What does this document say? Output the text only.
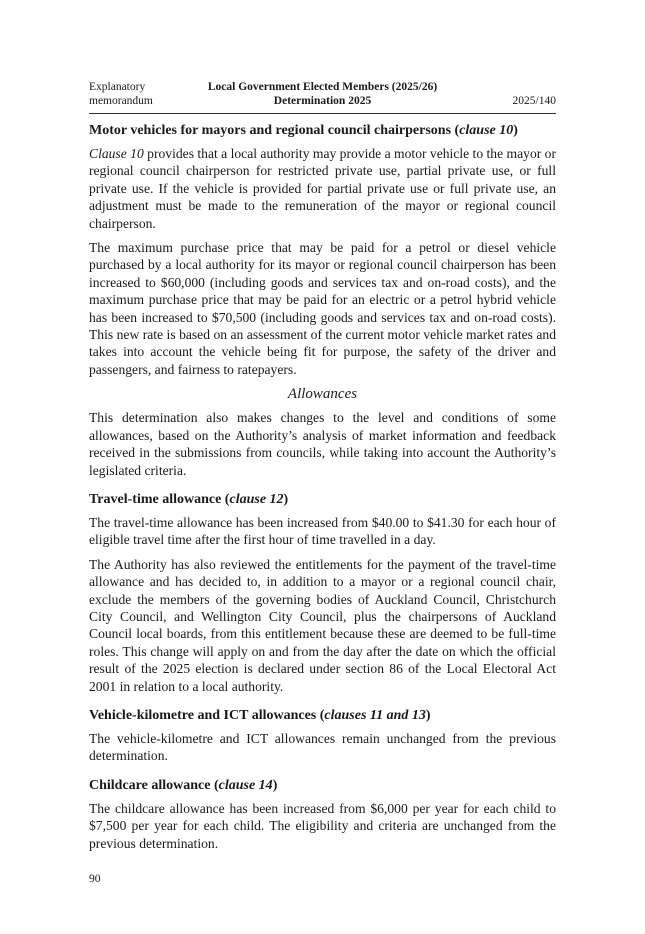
Explanatory
memorandum
Local Government Elected Members (2025/26)
Determination 2025	2025/140
Motor vehicles for mayors and regional council chairpersons (clause 10)

Clause 10 provides that a local authority may provide a motor vehicle to the mayor or regional council chairperson for restricted private use, partial private use, or full private use. If the vehicle is provided for partial private use or full private use, an adjustment must be made to the remuneration of the mayor or regional council chairperson.

The maximum purchase price that may be paid for a petrol or diesel vehicle purchased by a local authority for its mayor or regional council chairperson has been increased to $60,000 (including goods and services tax and on-road costs), and the maximum purchase price that may be paid for an electric or a petrol hybrid vehicle has been increased to $70,500 (including goods and services tax and on-road costs). This new rate is based on an assessment of the current motor vehicle market rates and takes into account the vehicle being fit for purpose, the safety of the driver and passengers, and fairness to ratepayers.

Allowances

This determination also makes changes to the level and conditions of some allowances, based on the Authority’s analysis of market information and feedback received in the submissions from councils, while taking into account the Authority’s legislated criteria.

Travel-time allowance (clause 12)

The travel-time allowance has been increased from $40.00 to $41.30 for each hour of eligible travel time after the first hour of time travelled in a day.

The Authority has also reviewed the entitlements for the payment of the travel-time allowance and has decided to, in addition to a mayor or a regional council chair, exclude the members of the governing bodies of Auckland Council, Christchurch City Council, and Wellington City Council, plus the chairpersons of Auckland Council local boards, from this entitlement because these are deemed to be full-time roles. This change will apply on and from the day after the date on which the official result of the 2025 election is declared under section 86 of the Local Electoral Act 2001 in relation to a local authority.

Vehicle-kilometre and ICT allowances (clauses 11 and 13)

The vehicle-kilometre and ICT allowances remain unchanged from the previous determination.

Childcare allowance (clause 14)

The childcare allowance has been increased from $6,000 per year for each child to $7,500 per year for each child. The eligibility and criteria are unchanged from the previous determination.

90
